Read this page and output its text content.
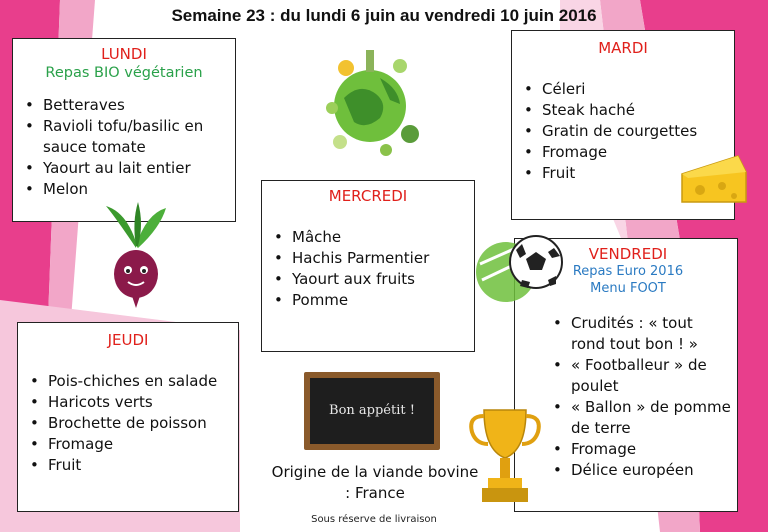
Semaine 23 : du lundi 6 juin au vendredi 10 juin 2016
LUNDI
Repas BIO végétarien
• Betteraves
• Ravioli tofu/basilic en sauce tomate
• Yaourt au lait entier
• Melon
MARDI
• Céleri
• Steak haché
• Gratin de courgettes
• Fromage
• Fruit
MERCREDI
• Mâche
• Hachis Parmentier
• Yaourt aux fruits
• Pomme
JEUDI
• Pois-chiches en salade
• Haricots verts
• Brochette de poisson
• Fromage
• Fruit
VENDREDI
Repas Euro 2016
Menu FOOT
• Crudités : « tout rond tout bon ! »
• « Footballeur » de poulet
• « Ballon » de pomme de terre
• Fromage
• Délice européen
Bon appétit !
Origine de la viande bovine : France
Sous réserve de livraison
